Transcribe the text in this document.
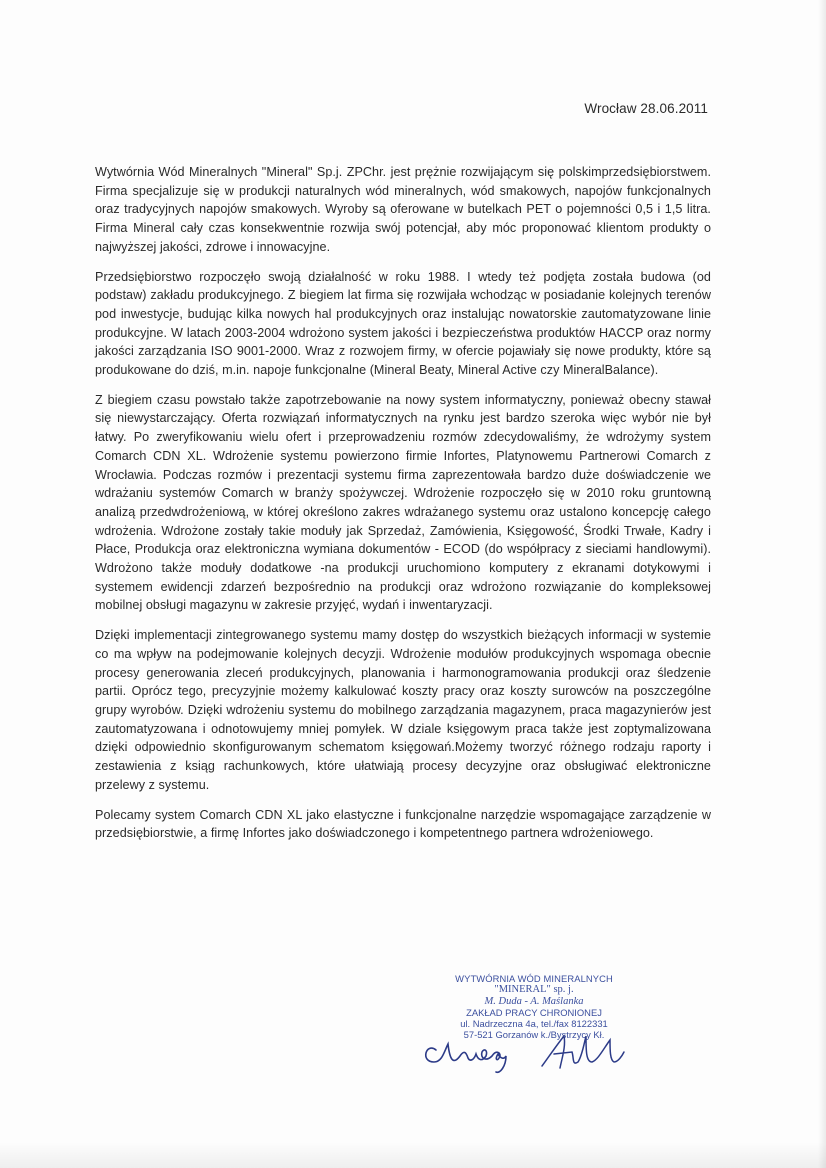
Wrocław 28.06.2011

Wytwórnia Wód Mineralnych "Mineral" Sp.j. ZPChr. jest prężnie rozwijającym się polskimprzedsiębiorstwem. Firma specjalizuje się w produkcji naturalnych wód mineralnych, wód smakowych, napojów funkcjonalnych oraz tradycyjnych napojów smakowych. Wyroby są oferowane w butelkach PET o pojemności 0,5 i 1,5 litra. Firma Mineral cały czas konsekwentnie rozwija swój potencjał, aby móc proponować klientom produkty o najwyższej jakości, zdrowe i innowacyjne.

Przedsiębiorstwo rozpoczęło swoją działalność w roku 1988. I wtedy też podjęta została budowa (od podstaw) zakładu produkcyjnego. Z biegiem lat firma się rozwijała wchodząc w posiadanie kolejnych terenów pod inwestycje, budując kilka nowych hal produkcyjnych oraz instalując nowatorskie zautomatyzowane linie produkcyjne. W latach 2003-2004 wdrożono system jakości i bezpieczeństwa produktów HACCP oraz normy jakości zarządzania ISO 9001-2000. Wraz z rozwojem firmy, w ofercie pojawiały się nowe produkty, które są produkowane do dziś, m.in. napoje funkcjonalne (Mineral Beaty, Mineral Active czy MineralBalance).

Z biegiem czasu powstało także zapotrzebowanie na nowy system informatyczny, ponieważ obecny stawał się niewystarczający. Oferta rozwiązań informatycznych na rynku jest bardzo szeroka więc wybór nie był łatwy. Po zweryfikowaniu wielu ofert i przeprowadzeniu rozmów zdecydowaliśmy, że wdrożymy system Comarch CDN XL. Wdrożenie systemu powierzono firmie Infortes, Platynowemu Partnerowi Comarch z Wrocławia. Podczas rozmów i prezentacji systemu firma zaprezentowała bardzo duże doświadczenie we wdrażaniu systemów Comarch w branży spożywczej. Wdrożenie rozpoczęło się w 2010 roku gruntowną analizą przedwdrożeniową, w której określono zakres wdrażanego systemu oraz ustalono koncepcję całego wdrożenia. Wdrożone zostały takie moduły jak Sprzedaż, Zamówienia, Księgowość, Środki Trwałe, Kadry i Płace, Produkcja oraz elektroniczna wymiana dokumentów - ECOD (do współpracy z sieciami handlowymi). Wdrożono także moduły dodatkowe -na produkcji uruchomiono komputery z ekranami dotykowymi i systemem ewidencji zdarzeń bezpośrednio na produkcji oraz wdrożono rozwiązanie do kompleksowej mobilnej obsługi magazynu w zakresie przyjęć, wydań i inwentaryzacji.

Dzięki implementacji zintegrowanego systemu mamy dostęp do wszystkich bieżących informacji w systemie co ma wpływ na podejmowanie kolejnych decyzji. Wdrożenie modułów produkcyjnych wspomaga obecnie procesy generowania zleceń produkcyjnych, planowania i harmonogramowania produkcji oraz śledzenie partii. Oprócz tego, precyzyjnie możemy kalkulować koszty pracy oraz koszty surowców na poszczególne grupy wyrobów. Dzięki wdrożeniu systemu do mobilnego zarządzania magazynem, praca magazynierów jest zautomatyzowana i odnotowujemy mniej pomyłek. W dziale księgowym praca także jest zoptymalizowana dzięki odpowiednio skonfigurowanym schematom księgowań.Możemy tworzyć różnego rodzaju raporty i zestawienia z ksiąg rachunkowych, które ułatwiają procesy decyzyjne oraz obsługiwać elektroniczne przelewy z systemu.

Polecamy system Comarch CDN XL jako elastyczne i funkcjonalne narzędzie wspomagające zarządzenie w przedsiębiorstwie, a firmę Infortes jako doświadczonego i kompetentnego partnera wdrożeniowego.

WYTWÓRNIA WÓD MINERALNYCH
"MINERAL" sp. j.
M. Duda - A. Maślanka
ZAKŁAD PRACY CHRONIONEJ
ul. Nadrzeczna 4a, tel./fax 8122331
57-521 Gorzanów k./Bystrzycy Kł.
